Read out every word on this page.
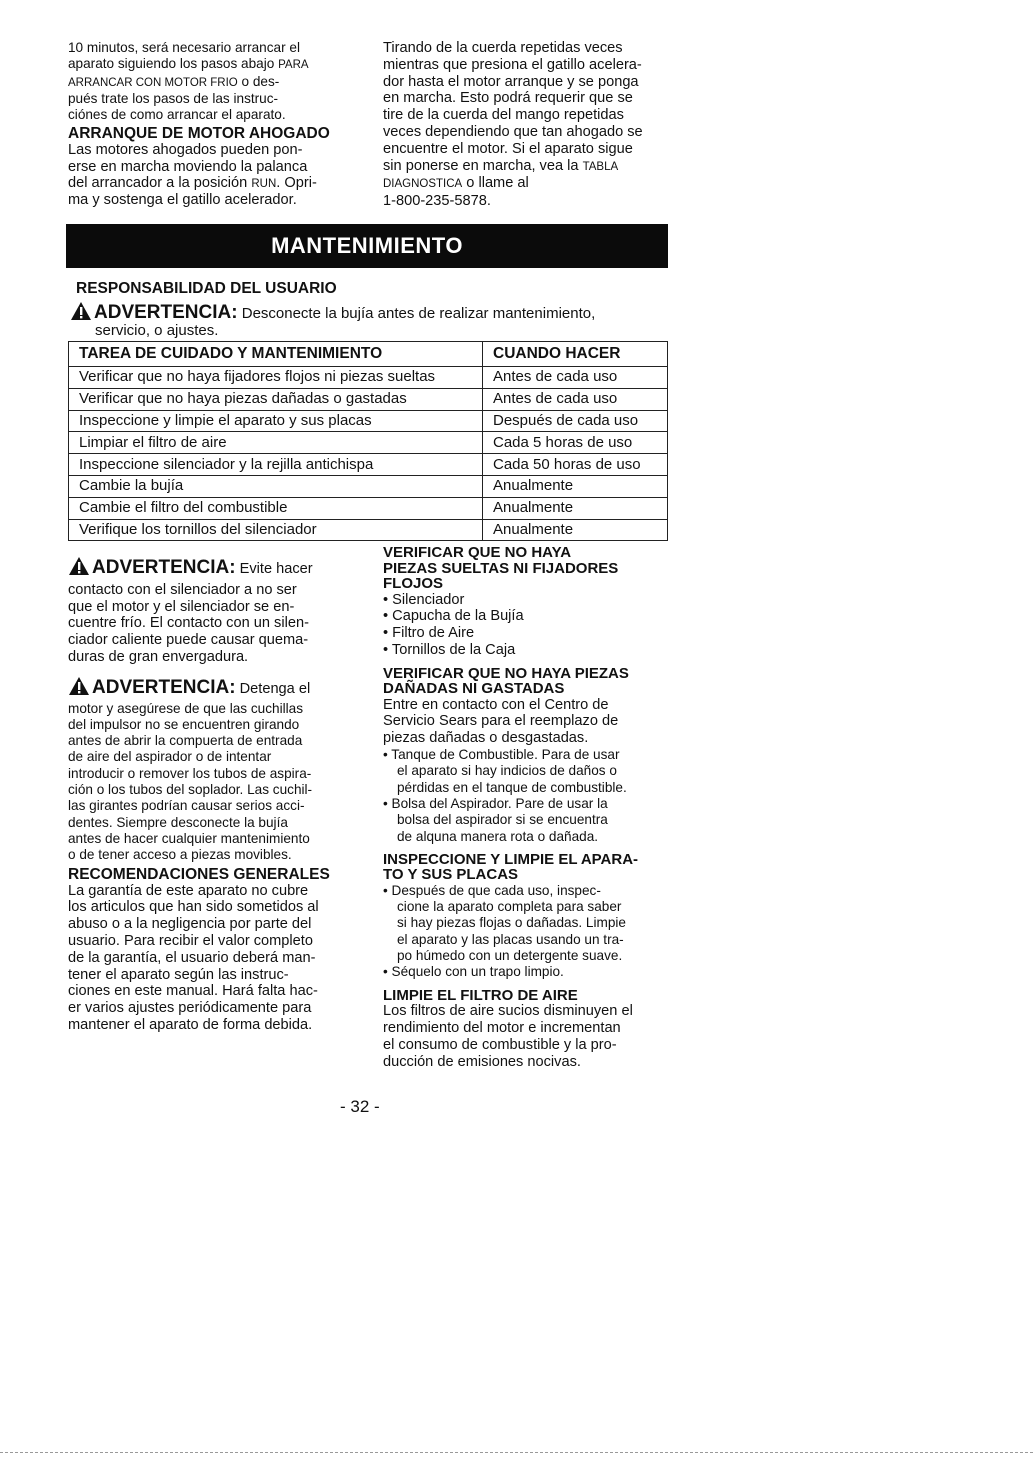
10 minutos, será necesario arrancar el

aparato siguiendo los pasos abajo PARA

ARRANCAR CON MOTOR FRIO o des-

pués trate los pasos de las instruc-

ciónes de como arrancar el aparato.

ARRANQUE DE MOTOR AHOGADO

Las motores ahogados pueden pon-

erse en marcha moviendo la palanca

del arrancador a la posición RUN. Opri-

ma y sostenga el gatillo acelerador.

Tirando de la cuerda repetidas veces

mientras que presiona el gatillo acelera-

dor hasta el motor arranque y se ponga

en marcha. Esto podrá requerir que se

tire de la cuerda del mango repetidas

veces dependiendo que tan ahogado se

encuentre el motor. Si el aparato sigue

sin ponerse en marcha, vea la TABLA

DIAGNOSTICA o llame al

1-800-235-5878.

MANTENIMIENTO
RESPONSABILIDAD DEL USUARIO
ADVERTENCIA: Desconecte la bujía antes de realizar mantenimiento,
servicio, o ajustes.
TAREA DE CUIDADO Y MANTENIMIENTO	CUANDO HACER
Verificar que no haya fijadores flojos ni piezas sueltas	Antes de cada uso
Verificar que no haya piezas dañadas o gastadas	Antes de cada uso
Inspeccione y limpie el aparato y sus placas	Después de cada uso
Limpiar el filtro de aire	Cada 5 horas de uso
Inspeccione silenciador y la rejilla antichispa	Cada 50 horas de uso
Cambie la bujía	Anualmente
Cambie el filtro del combustible	Anualmente
Verifique los tornillos del silenciador	Anualmente

ADVERTENCIA: Evite hacer

contacto con el silenciador a no ser

que el motor y el silenciador se en-

cuentre frío. El contacto con un silen-

ciador caliente puede causar quema-

duras de gran envergadura.

ADVERTENCIA: Detenga el

motor y asegúrese de que las cuchillas

del impulsor no se encuentren girando

antes de abrir la compuerta de entrada

de aire del aspirador o de intentar

introducir o remover los tubos de aspira-

ción o los tubos del soplador. Las cuchil-

las girantes podrían causar serios acci-

dentes. Siempre desconecte la bujía

antes de hacer cualquier mantenimiento

o de tener acceso a piezas movibles.

RECOMENDACIONES GENERALES

La garantía de este aparato no cubre

los articulos que han sido sometidos al

abuso o a la negligencia por parte del

usuario. Para recibir el valor completo

de la garantía, el usuario deberá man-

tener el aparato según las instruc-

ciones en este manual. Hará falta hac-

er varios ajustes periódicamente para

mantener el aparato de forma debida.

VERIFICAR QUE NO HAYA
PIEZAS SUELTAS NI FIJADORES
FLOJOS

• Silenciador

• Capucha de la Bujía

• Filtro de Aire

• Tornillos de la Caja

VERIFICAR QUE NO HAYA PIEZAS
DAÑADAS NI GASTADAS

Entre en contacto con el Centro de

Servicio Sears para el reemplazo de

piezas dañadas o desgastadas.

• Tanque de Combustible. Para de usar

el aparato si hay indicios de daños o

pérdidas en el tanque de combustible.

• Bolsa del Aspirador. Pare de usar la

bolsa del aspirador si se encuentra

de alquna manera rota o dañada.

INSPECCIONE Y LIMPIE EL APARA-
TO Y SUS PLACAS

• Después de que cada uso, inspec-

cione la aparato completa para saber

si hay piezas flojas o dañadas. Limpie

el aparato y las placas usando un tra-

po húmedo con un detergente suave.

• Séquelo con un trapo limpio.

LIMPIE EL FILTRO DE AIRE

Los filtros de aire sucios disminuyen el

rendimiento del motor e incrementan

el consumo de combustible y la pro-

ducción de emisiones nocivas.

- 32 -
